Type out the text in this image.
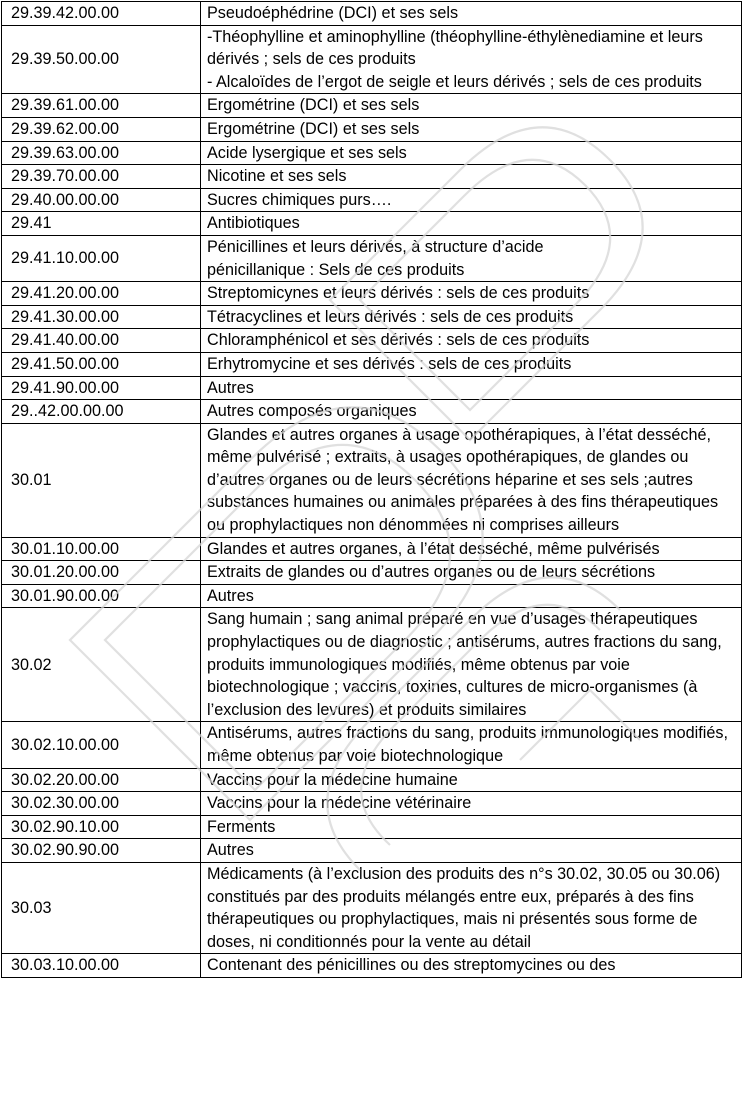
29.39.42.00.00	Pseudoéphédrine (DCI) et ses sels
29.39.50.00.00	-Théophylline et aminophylline (théophylline-éthylènediamine et leurs dérivés ; sels de ces produits
- Alcaloïdes de l’ergot de seigle et leurs dérivés ; sels de ces produits
29.39.61.00.00	Ergométrine (DCI) et ses sels
29.39.62.00.00	Ergométrine (DCI) et ses sels
29.39.63.00.00	Acide lysergique et ses sels
29.39.70.00.00	Nicotine et ses sels
29.40.00.00.00	Sucres chimiques purs….
29.41	Antibiotiques
29.41.10.00.00	Pénicillines et leurs dérivés, à structure d’acide
pénicillanique : Sels de ces produits
29.41.20.00.00	Streptomicynes et leurs dérivés : sels de ces produits
29.41.30.00.00	Tétracyclines et leurs dérivés : sels de ces produits
29.41.40.00.00	Chloramphénicol et ses dérivés : sels de ces produits
29.41.50.00.00	Erhytromycine et ses dérivés : sels de ces produits
29.41.90.00.00	Autres
29..42.00.00.00	Autres composés organiques
30.01	Glandes et autres organes à usage opothérapiques, à l’état desséché, même pulvérisé ; extraits, à usages opothérapiques, de glandes ou d’autres organes ou de leurs sécrétions héparine et ses sels ;autres substances humaines ou animales préparées à des fins thérapeutiques ou prophylactiques non dénommées ni comprises ailleurs
30.01.10.00.00	Glandes et autres organes, à l’état desséché, même pulvérisés
30.01.20.00.00	Extraits de glandes ou d’autres organes ou de leurs sécrétions
30.01.90.00.00	Autres
30.02	Sang humain ; sang animal préparé en vue d’usages thérapeutiques prophylactiques ou de diagnostic ; antisérums, autres fractions du sang, produits immunologiques modifiés, même obtenus par voie biotechnologique ; vaccins, toxines, cultures de micro-organismes (à l’exclusion des levures) et produits similaires
30.02.10.00.00	Antisérums, autres fractions du sang, produits immunologiques modifiés, même obtenus par voie biotechnologique
30.02.20.00.00	Vaccins pour la médecine humaine
30.02.30.00.00	Vaccins pour la médecine vétérinaire
30.02.90.10.00	Ferments
30.02.90.90.00	Autres
30.03	Médicaments (à l’exclusion des produits des n°s 30.02, 30.05 ou 30.06) constitués par des produits mélangés entre eux, préparés à des fins thérapeutiques ou prophylactiques, mais ni présentés sous forme de doses, ni conditionnés pour la vente au détail
30.03.10.00.00	Contenant des pénicillines ou des streptomycines ou des
